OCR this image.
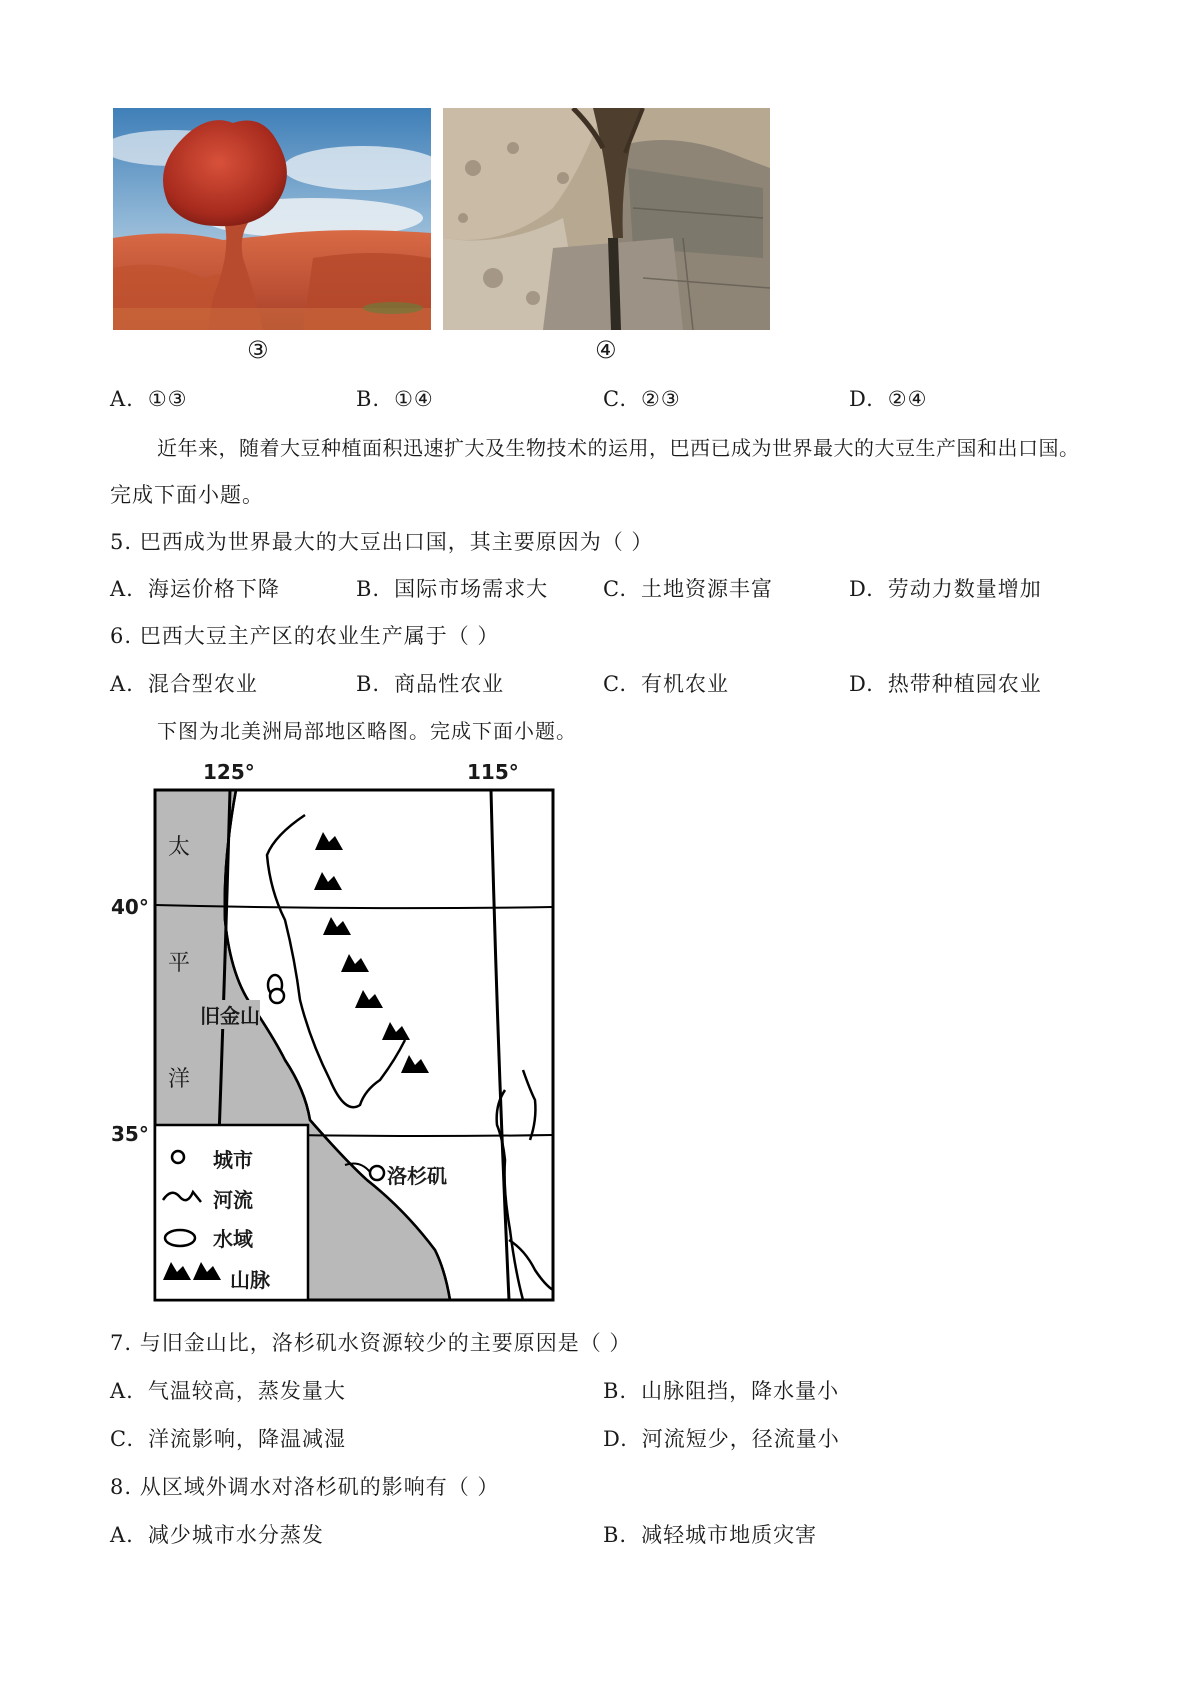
③	④
A. ①③	B. ①④	C. ②③	D. ②④
近年来，随着大豆种植面积迅速扩大及生物技术的运用，巴西已成为世界最大的大豆生产国和出口国。
完成下面小题。
5. 巴西成为世界最大的大豆出口国，其主要原因为（ ）
A. 海运价格下降	B. 国际市场需求大	C. 土地资源丰富	D. 劳动力数量增加
6. 巴西大豆主产区的农业生产属于（ ）
A. 混合型农业	B. 商品性农业	C. 有机农业	D. 热带种植园农业
下图为北美洲局部地区略图。完成下面小题。
125°	115°
40°
35°
太
平
洋
旧金山
洛杉矶
城市
河流
水域
山脉
7. 与旧金山比，洛杉矶水资源较少的主要原因是（ ）
A. 气温较高，蒸发量大	B. 山脉阻挡，降水量小
C. 洋流影响，降温减湿	D. 河流短少，径流量小
8. 从区域外调水对洛杉矶的影响有（ ）
A. 减少城市水分蒸发	B. 减轻城市地质灾害
